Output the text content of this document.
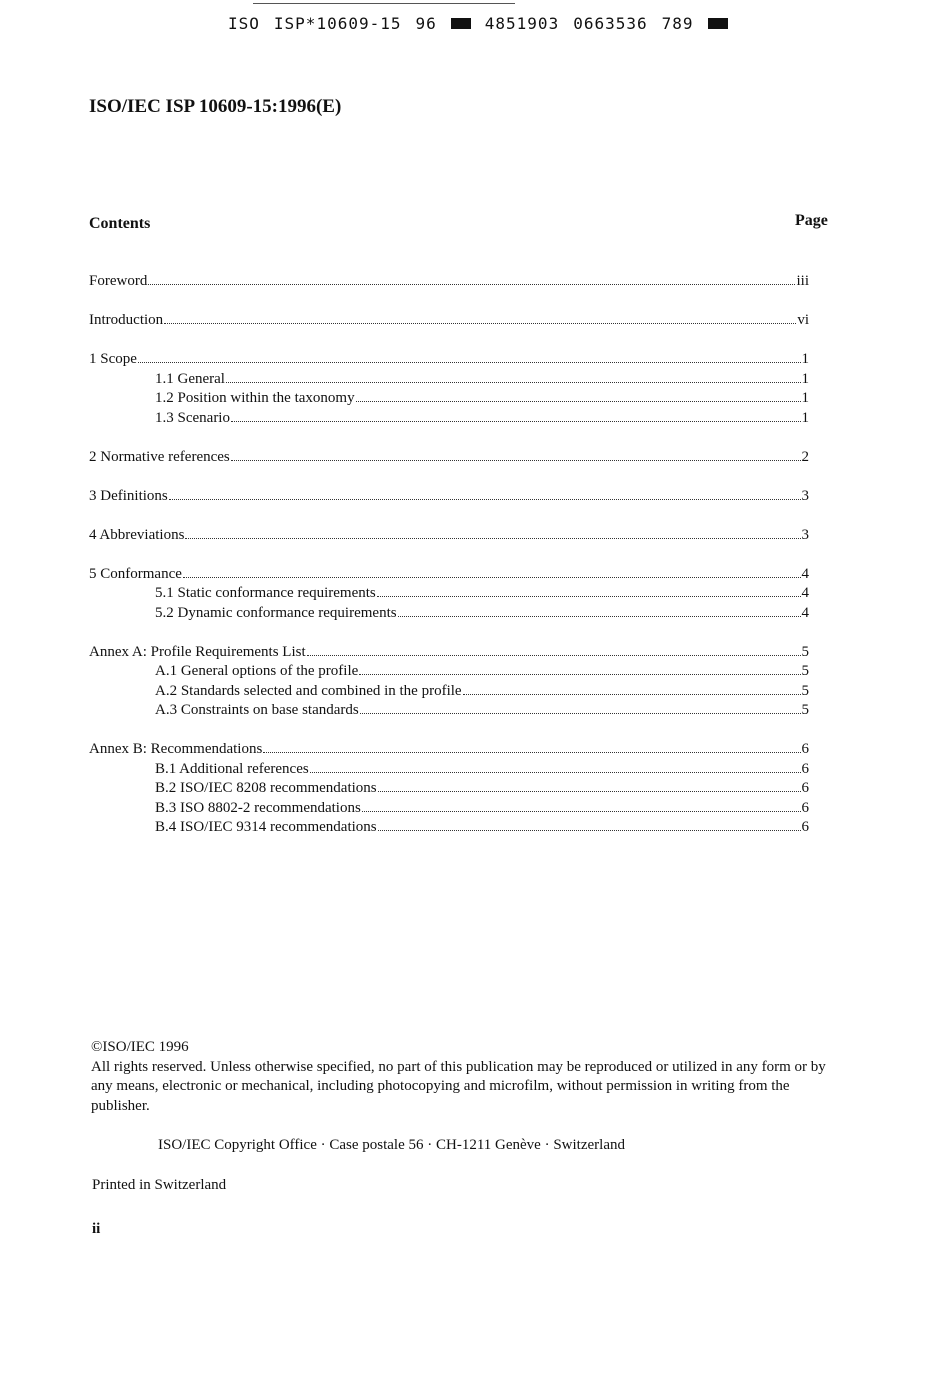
ISO ISP*10609-15 96	4851903 0663536 789
ISO/IEC ISP 10609-15:1996(E)
Contents	Page
Foreword	iii
Introduction	vi
1 Scope	1
1.1 General	1
1.2 Position within the taxonomy	1
1.3 Scenario	1
2 Normative references	2
3 Definitions	3
4 Abbreviations	3
5 Conformance	4
5.1 Static conformance requirements	4
5.2 Dynamic conformance requirements	4
Annex A: Profile Requirements List	5
A.1 General options of the profile	5
A.2 Standards selected and combined in the profile	5
A.3 Constraints on base standards	5
Annex B: Recommendations	6
B.1 Additional references	6
B.2 ISO/IEC 8208 recommendations	6
B.3 ISO 8802-2 recommendations	6
B.4 ISO/IEC 9314 recommendations	6

©ISO/IEC 1996

All rights reserved. Unless otherwise specified, no part of this publication may be reproduced or utilized in any form or by any means, electronic or mechanical, including photocopying and microfilm, without permission in writing from the publisher.

ISO/IEC Copyright Office · Case postale 56 · CH-1211 Genève · Switzerland
Printed in Switzerland
ii
